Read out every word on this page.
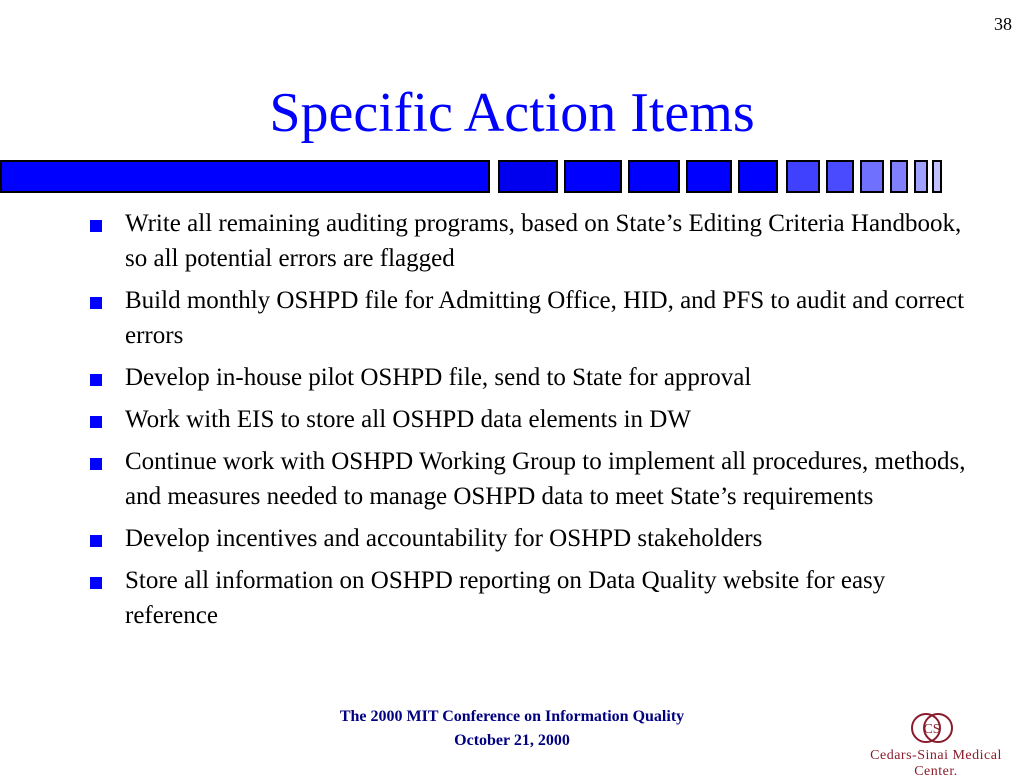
38
Specific Action Items
Write all remaining auditing programs, based on State’s Editing Criteria Handbook, so all potential errors are flagged
Build monthly OSHPD file for Admitting Office, HID, and PFS to audit and correct errors
Develop in-house pilot OSHPD file, send to State for approval
Work with EIS to store all OSHPD data elements in DW
Continue work with OSHPD Working Group to implement all procedures, methods, and measures needed to manage OSHPD data to meet State’s requirements
Develop incentives and accountability for OSHPD stakeholders
Store all information on OSHPD reporting on Data Quality website for easy reference
The 2000 MIT Conference on Information Quality
October 21, 2000
CS
Cedars-Sinai Medical Center.
